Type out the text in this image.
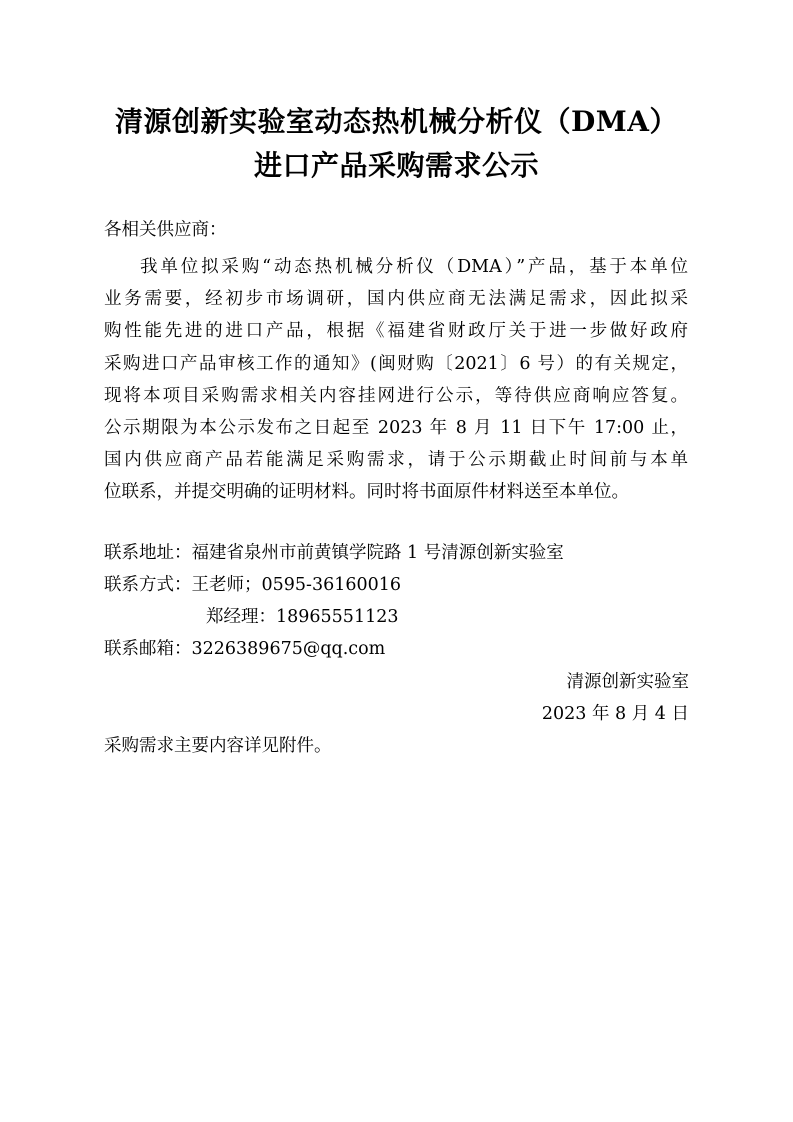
清源创新实验室动态热机械分析仪（DMA）
进口产品采购需求公示
各相关供应商：
我单位拟采购“动态热机械分析仪（DMA）”产品，基于本单位
业务需要，经初步市场调研，国内供应商无法满足需求，因此拟采
购性能先进的进口产品，根据《福建省财政厅关于进一步做好政府
采购进口产品审核工作的通知》(闽财购〔2021〕6 号）的有关规定，
现将本项目采购需求相关内容挂网进行公示，等待供应商响应答复。
公示期限为本公示发布之日起至 2023 年 8 月 11 日下午 17:00 止，
国内供应商产品若能满足采购需求，请于公示期截止时间前与本单
位联系，并提交明确的证明材料。同时将书面原件材料送至本单位。
联系地址：福建省泉州市前黄镇学院路 1 号清源创新实验室
联系方式：王老师；0595-36160016
郑经理：18965551123
联系邮箱：3226389675@qq.com
清源创新实验室
2023 年 8 月 4 日
采购需求主要内容详见附件。
